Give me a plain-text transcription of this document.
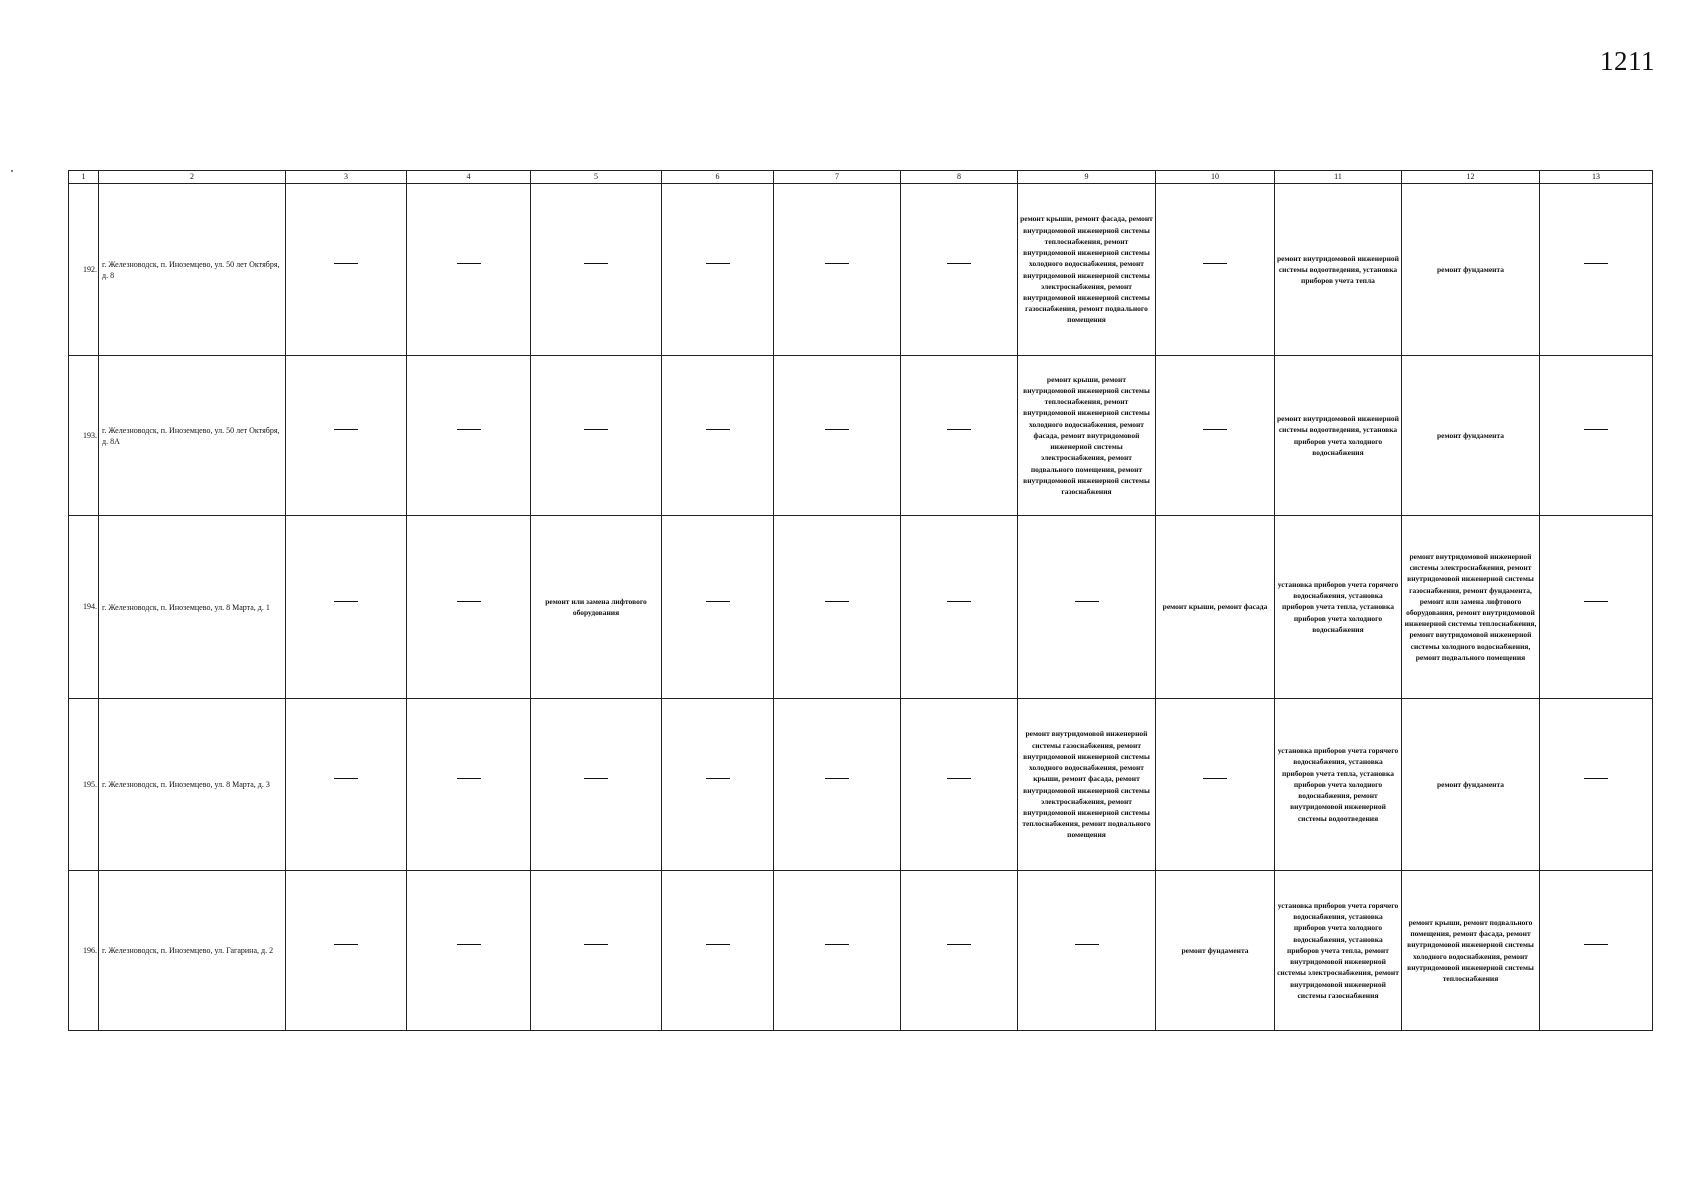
1211
1	2	3	4	5	6	7	8	9	10	11	12	13
192.	г. Железноводск, п. Иноземцево, ул. 50 лет Октября, д. 8							ремонт крыши, ремонт фасада, ремонт внутридомовой инженерной системы теплоснабжения, ремонт внутридомовой инженерной системы холодного водоснабжения, ремонт внутридомовой инженерной системы электроснабжения, ремонт внутридомовой инженерной системы газоснабжения, ремонт подвального помещения		ремонт внутридомовой инженерной системы водоотведения, установка приборов учета тепла	ремонт фундамента	
193.	г. Железноводск, п. Иноземцево, ул. 50 лет Октября, д. 8А							ремонт крыши, ремонт внутридомовой инженерной системы теплоснабжения, ремонт внутридомовой инженерной системы холодного водоснабжения, ремонт фасада, ремонт внутридомовой инженерной системы электроснабжения, ремонт подвального помещения, ремонт внутридомовой инженерной системы газоснабжения		ремонт внутридомовой инженерной системы водоотведения, установка приборов учета холодного водоснабжения	ремонт фундамента	
194.	г. Железноводск, п. Иноземцево, ул. 8 Марта, д. 1			ремонт или замена лифтового оборудования					ремонт крыши, ремонт фасада	установка приборов учета горячего водоснабжения, установка приборов учета тепла, установка приборов учета холодного водоснабжения	ремонт внутридомовой инженерной системы электроснабжения, ремонт внутридомовой инженерной системы газоснабжения, ремонт фундамента, ремонт или замена лифтового оборудования, ремонт внутридомовой инженерной системы теплоснабжения, ремонт внутридомовой инженерной системы холодного водоснабжения, ремонт подвального помещения	
195.	г. Железноводск, п. Иноземцево, ул. 8 Марта, д. 3							ремонт внутридомовой инженерной системы газоснабжения, ремонт внутридомовой инженерной системы холодного водоснабжения, ремонт крыши, ремонт фасада, ремонт внутридомовой инженерной системы электроснабжения, ремонт внутридомовой инженерной системы теплоснабжения, ремонт подвального помещения		установка приборов учета горячего водоснабжения, установка приборов учета тепла, установка приборов учета холодного водоснабжения, ремонт внутридомовой инженерной системы водоотведения	ремонт фундамента	
196.	г. Железноводск, п. Иноземцево, ул. Гагарина, д. 2								ремонт фундамента	установка приборов учета горячего водоснабжения, установка приборов учета холодного водоснабжения, установка приборов учета тепла, ремонт внутридомовой инженерной системы электроснабжения, ремонт внутридомовой инженерной системы газоснабжения	ремонт крыши, ремонт подвального помещения, ремонт фасада, ремонт внутридомовой инженерной системы холодного водоснабжения, ремонт внутридомовой инженерной системы теплоснабжения	
